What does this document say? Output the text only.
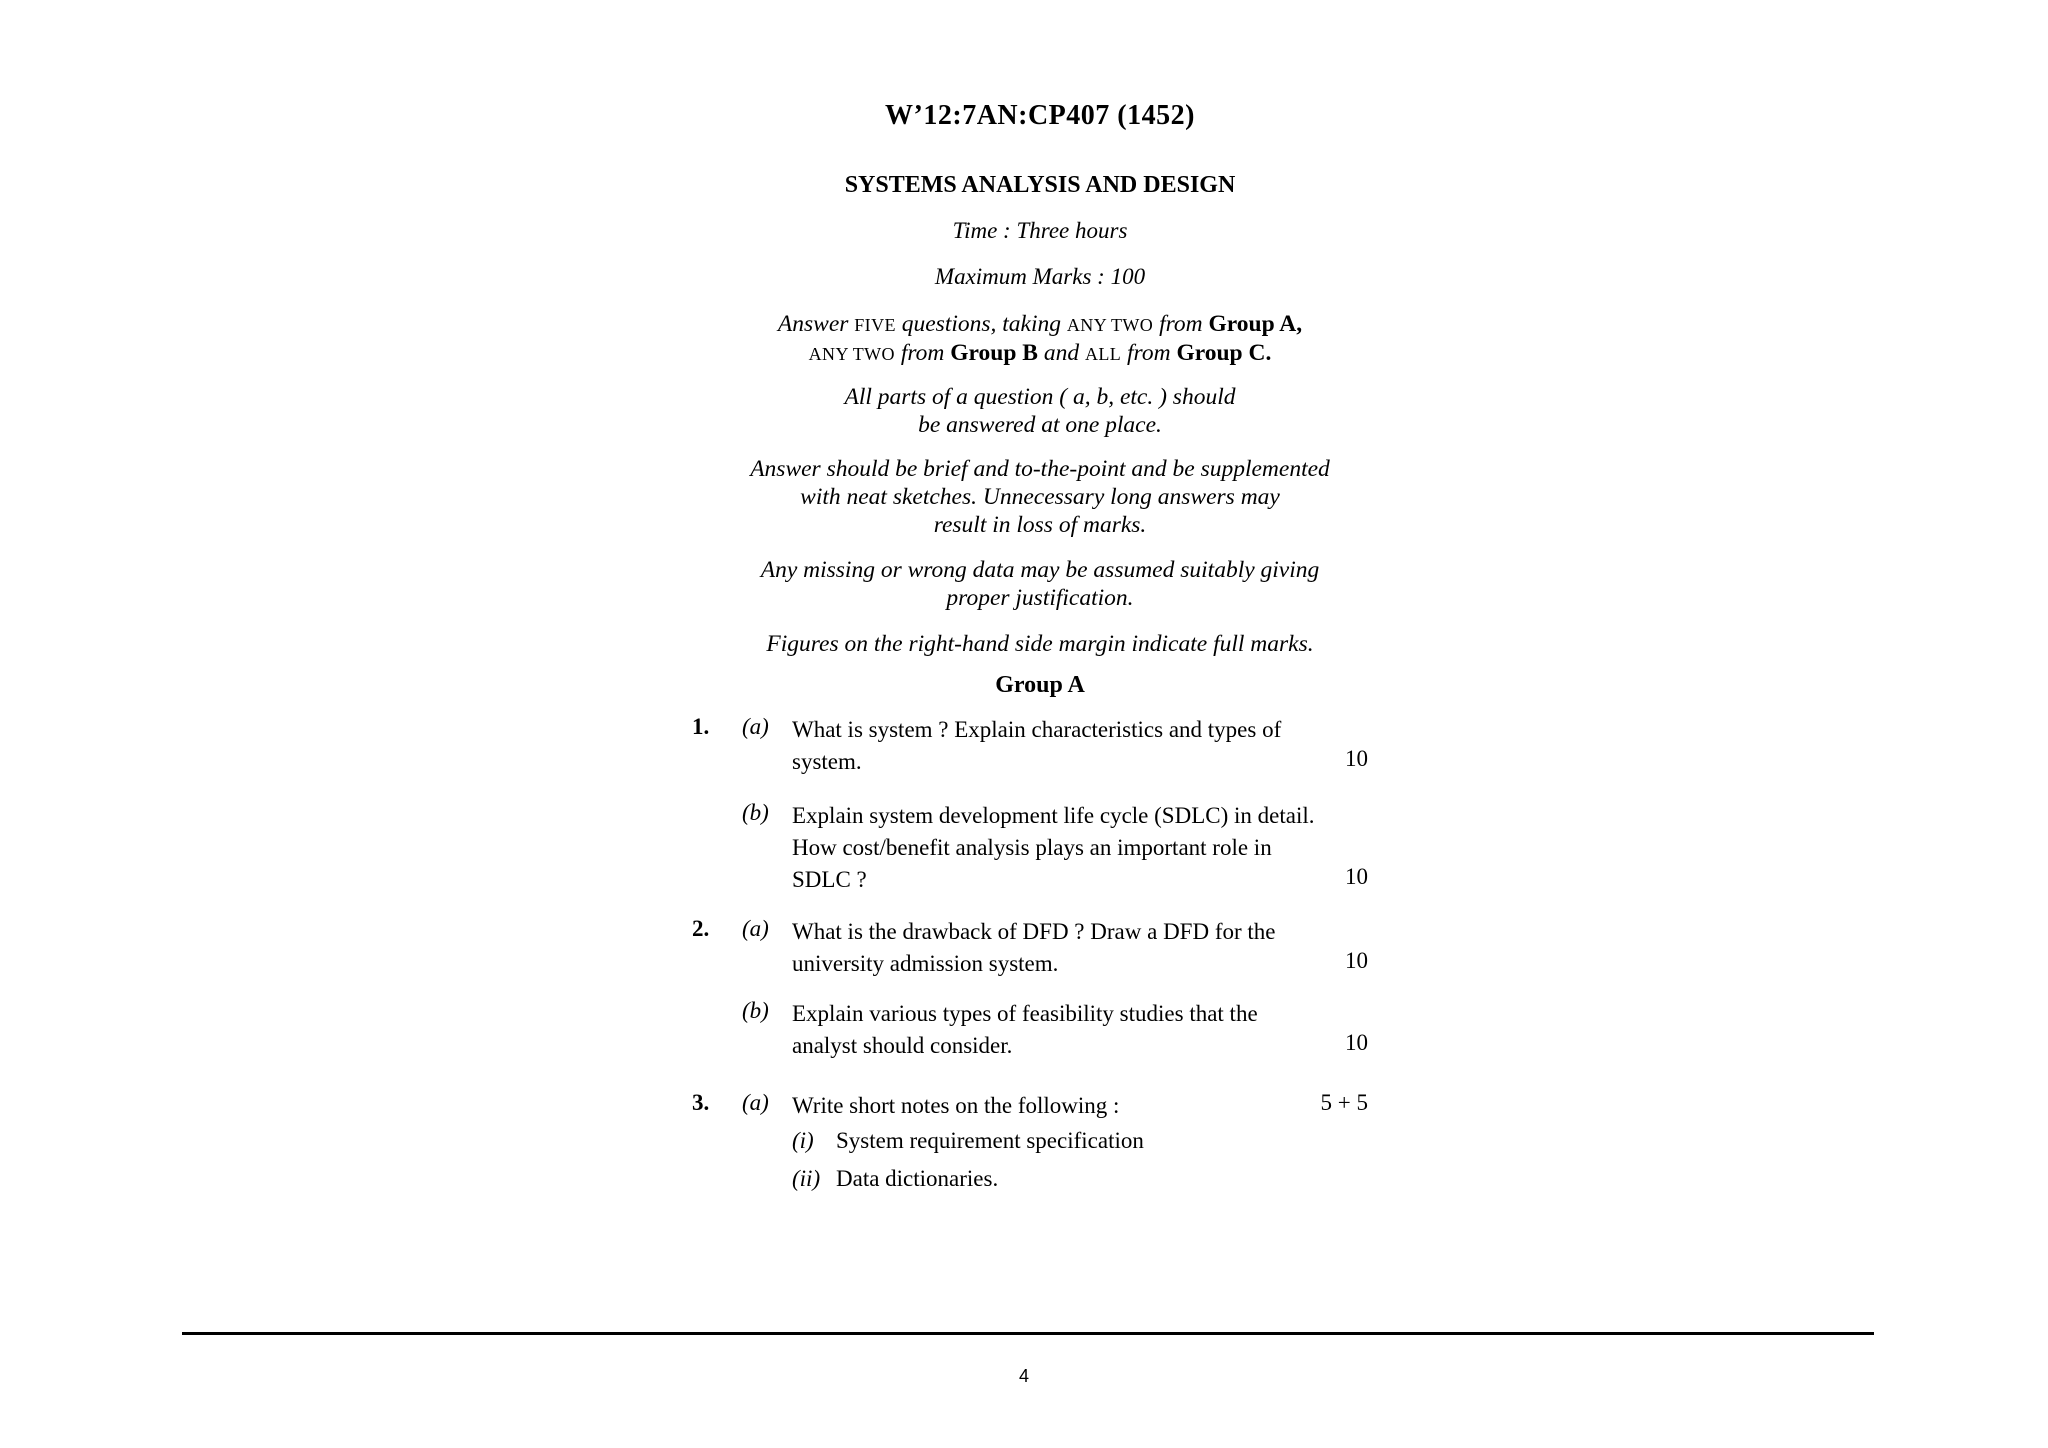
W’12:7AN:CP407 (1452)
SYSTEMS ANALYSIS AND DESIGN
Time : Three hours
Maximum Marks : 100
Answer FIVE questions, taking ANY TWO from Group A,
ANY TWO from Group B and ALL from Group C.
All parts of a question ( a, b, etc. ) should
be answered at one place.
Answer should be brief and to-the-point and be supplemented
with neat sketches. Unnecessary long answers may
result in loss of marks.
Any missing or wrong data may be assumed suitably giving
proper justification.
Figures on the right-hand side margin indicate full marks.
Group A
1. (a) What is system ? Explain characteristics and types of
system.	10
(b) Explain system development life cycle (SDLC) in detail.
How cost/benefit analysis plays an important role in
SDLC ?	10
2. (a) What is the drawback of DFD ? Draw a DFD for the
university admission system.	10
(b) Explain various types of feasibility studies that the
analyst should consider.	10
3. (a) Write short notes on the following :	5 + 5
(i) System requirement specification
(ii) Data dictionaries.
4
